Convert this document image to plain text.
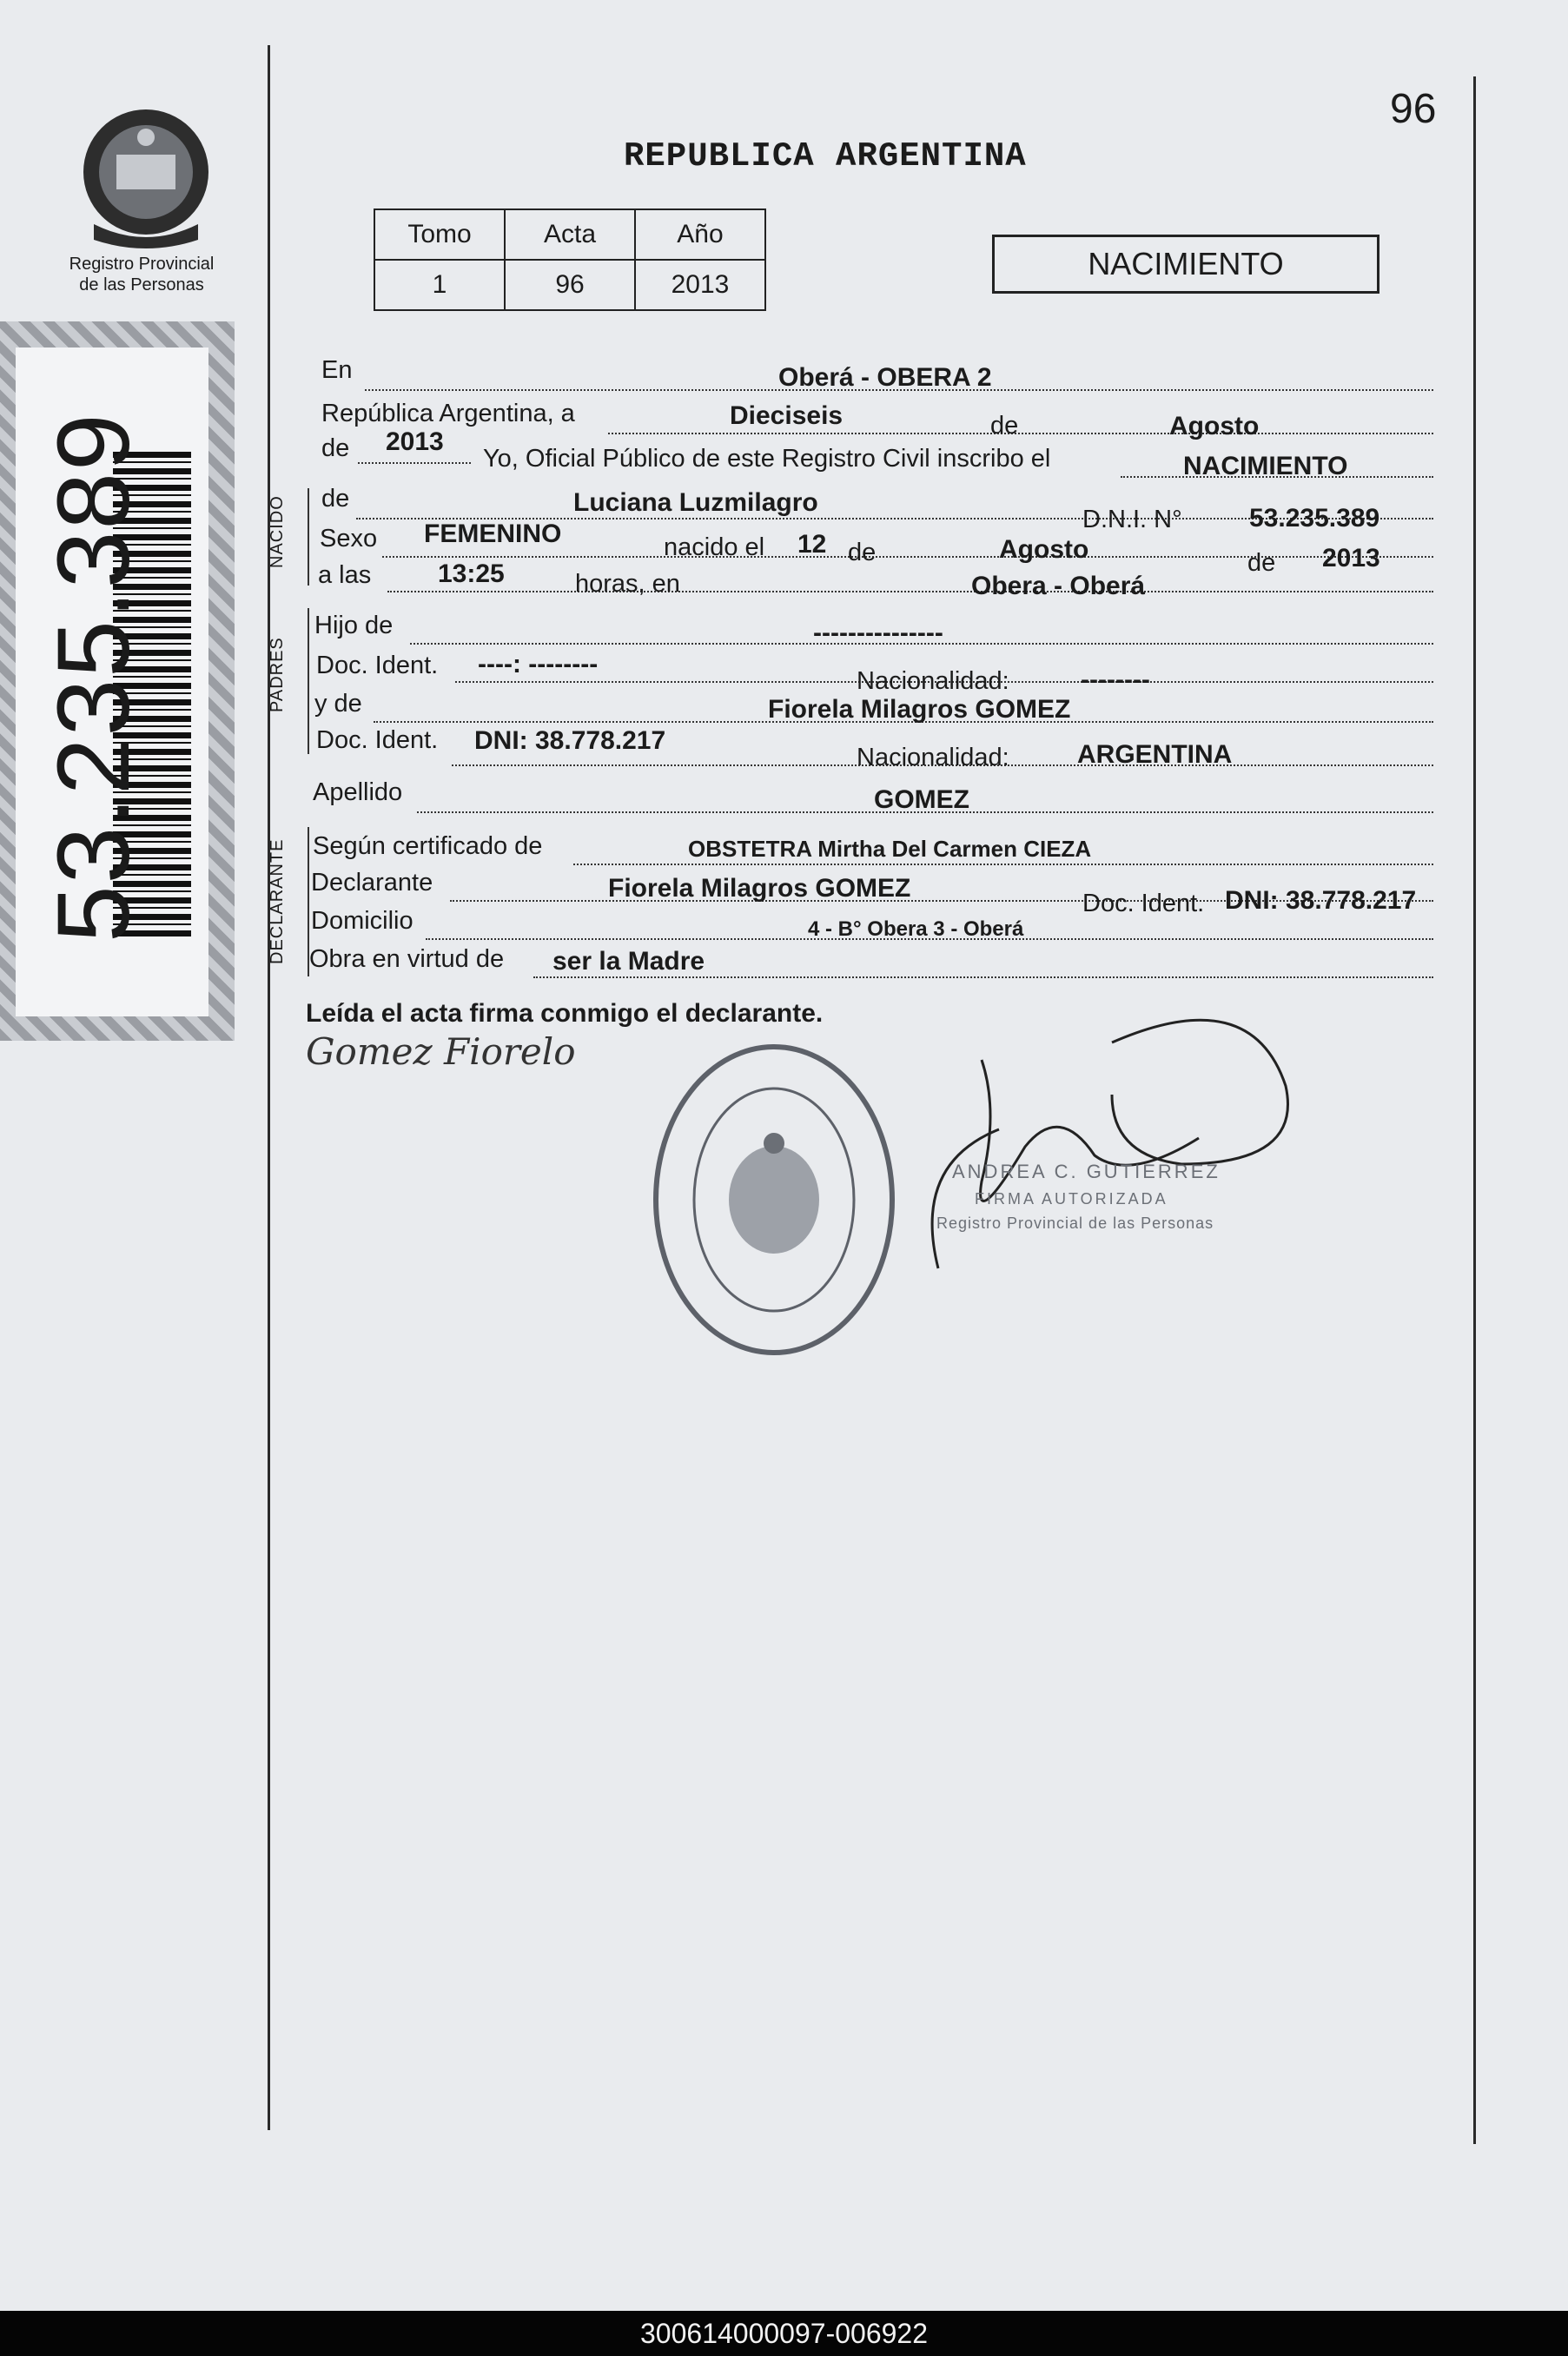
Registro Provincial
de las Personas
53.235.389
96
REPUBLICA ARGENTINA
Tomo	Acta	Año
1	96	2013
NACIMIENTO
En	Oberá - OBERA 2
República Argentina, a	Dieciseis	de	Agosto
de 2013
Yo, Oficial Público de este Registro Civil inscribo el	NACIMIENTO
NACIDO de	Luciana Luzmilagro
D.N.I. N°	53.235.389
Sexo FEMENINO	nacido el 12 de	Agosto	de 2013
a las	13:25	horas, en	Obera - Oberá
PADRES
Hijo de	---------------
Doc. Ident. ----: --------
Nacionalidad:	--------
y de	Fiorela Milagros GOMEZ
Doc. Ident. DNI: 38.778.217
Nacionalidad:	ARGENTINA
Apellido	GOMEZ
DECLARANTE Según certificado de	OBSTETRA Mirtha Del Carmen CIEZA
Declarante	Fiorela Milagros GOMEZ
Doc. Ident. DNI: 38.778.217
Domicilio	4 - B° Obera 3 - Oberá
Obra en virtud de ser la Madre
Leída el acta firma conmigo el declarante.
Gomez Fiorelo
ANDREA C. GUTIERREZ
FIRMA AUTORIZADA
Registro Provincial de las Personas
300614000097-006922
